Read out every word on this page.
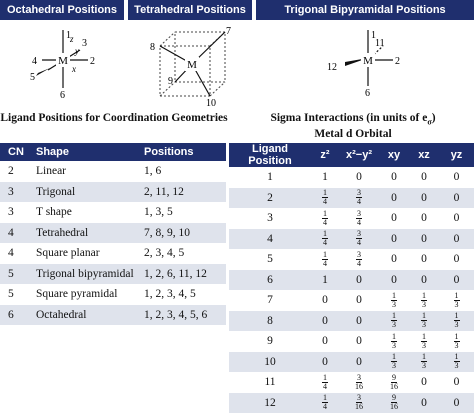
Octahedral Positions Tetrahedral Positions	Trigonal Bipyramidal Positions
M
1
2
3
4
5
6
z
y
x	M
7
8
9
10
M
1
2
6
11
12
Ligand Positions for Coordination Geometries	Sigma Interactions (in units of $e_\sigma$)
Metal d Orbital
CN	Shape	Positions
2	Linear	1, 6
3	Trigonal	2, 11, 12
3	T shape	1, 3, 5
4	Tetrahedral	7, 8, 9, 10
4	Square planar	2, 3, 4, 5
5	Trigonal bipyramidal	1, 2, 6, 11, 12
5	Square pyramidal	1, 2, 3, 4, 5
6	Octahedral	1, 2, 3, 4, 5, 6
Ligand Position	z²	x²−y²	xy	xz	yz
1	1	0	0	0	0
2	$\frac{1}{4}$	$\frac{3}{4}$	0	0	0
3	$\frac{1}{4}$	$\frac{3}{4}$	0	0	0
4	$\frac{1}{4}$	$\frac{3}{4}$	0	0	0
5	$\frac{1}{4}$	$\frac{3}{4}$	0	0	0
6	1	0	0	0	0
7	0	0	$\frac{1}{3}$	$\frac{1}{3}$	$\frac{1}{3}$

8	0	0	$\frac{1}{3}$	$\frac{1}{3}$	$\frac{1}{3}$

9	0	0	$\frac{1}{3}$	$\frac{1}{3}$	$\frac{1}{3}$

10	0	0	$\frac{1}{3}$	$\frac{1}{3}$	$\frac{1}{3}$

11	$\frac{1}{4}$	$\frac{3}{16}$	$\frac{9}{16}$	0	0
12	$\frac{1}{4}$	$\frac{3}{16}$	$\frac{9}{16}$	0	0
